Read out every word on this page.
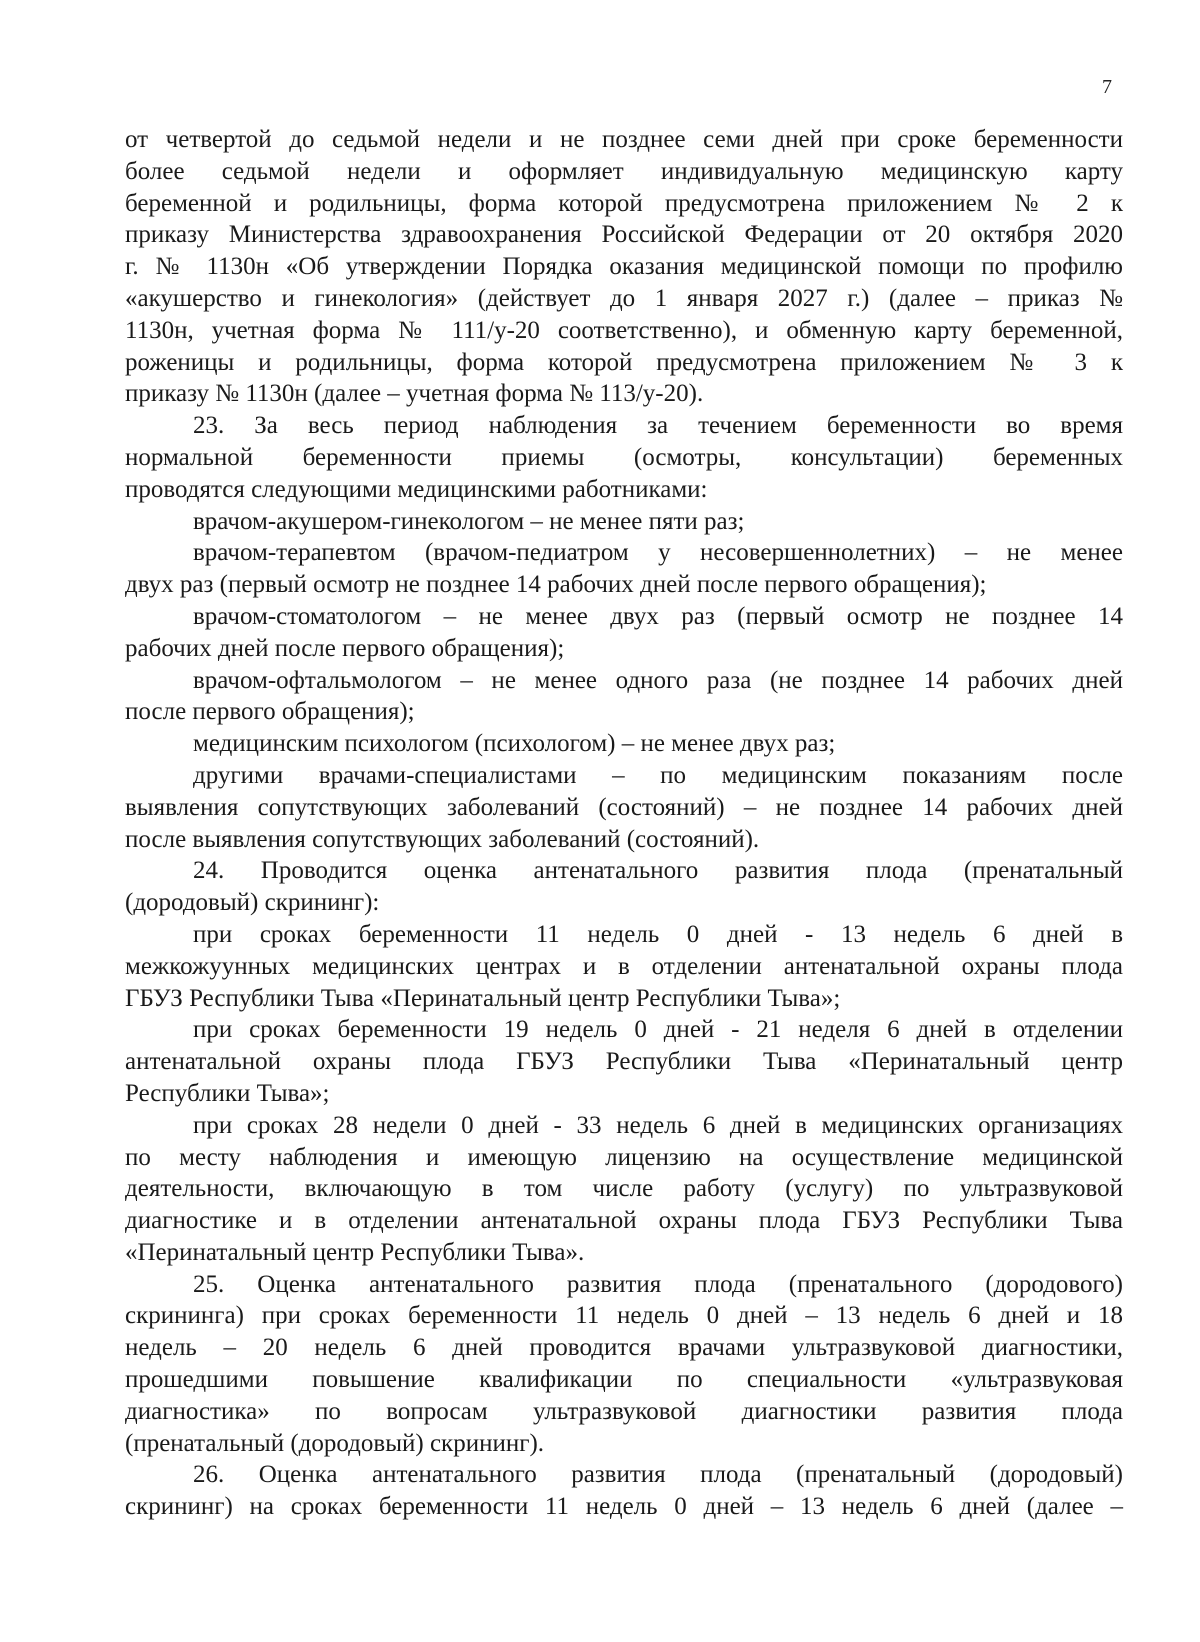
7

от четвертой до седьмой недели и не позднее семи дней при сроке беременности

более седьмой недели и оформляет индивидуальную медицинскую карту

беременной и родильницы, форма которой предусмотрена приложением № 2 к

приказу Министерства здравоохранения Российской Федерации от 20 октября 2020

г. № 1130н «Об утверждении Порядка оказания медицинской помощи по профилю

«акушерство и гинекология» (действует до 1 января 2027 г.) (далее – приказ №

1130н, учетная форма № 111/у-20 соответственно), и обменную карту беременной,

роженицы и родильницы, форма которой предусмотрена приложением № 3 к

приказу № 1130н (далее – учетная форма № 113/у-20).

23. За весь период наблюдения за течением беременности во время

нормальной беременности приемы (осмотры, консультации) беременных

проводятся следующими медицинскими работниками:

врачом-акушером-гинекологом – не менее пяти раз;

врачом-терапевтом (врачом-педиатром у несовершеннолетних) – не менее

двух раз (первый осмотр не позднее 14 рабочих дней после первого обращения);

врачом-стоматологом – не менее двух раз (первый осмотр не позднее 14

рабочих дней после первого обращения);

врачом-офтальмологом – не менее одного раза (не позднее 14 рабочих дней

после первого обращения);

медицинским психологом (психологом) – не менее двух раз;

другими врачами-специалистами – по медицинским показаниям после

выявления сопутствующих заболеваний (состояний) – не позднее 14 рабочих дней

после выявления сопутствующих заболеваний (состояний).

24. Проводится оценка антенатального развития плода (пренатальный

(дородовый) скрининг):

при сроках беременности 11 недель 0 дней - 13 недель 6 дней в

межкожуунных медицинских центрах и в отделении антенатальной охраны плода

ГБУЗ Республики Тыва «Перинатальный центр Республики Тыва»;

при сроках беременности 19 недель 0 дней - 21 неделя 6 дней в отделении

антенатальной охраны плода ГБУЗ Республики Тыва «Перинатальный центр

Республики Тыва»;

при сроках 28 недели 0 дней - 33 недель 6 дней в медицинских организациях

по месту наблюдения и имеющую лицензию на осуществление медицинской

деятельности, включающую в том числе работу (услугу) по ультразвуковой

диагностике и в отделении антенатальной охраны плода ГБУЗ Республики Тыва

«Перинатальный центр Республики Тыва».

25. Оценка антенатального развития плода (пренатального (дородового)

скрининга) при сроках беременности 11 недель 0 дней – 13 недель 6 дней и 18

недель – 20 недель 6 дней проводится врачами ультразвуковой диагностики,

прошедшими повышение квалификации по специальности «ультразвуковая

диагностика» по вопросам ультразвуковой диагностики развития плода

(пренатальный (дородовый) скрининг).

26. Оценка антенатального развития плода (пренатальный (дородовый)

скрининг) на сроках беременности 11 недель 0 дней – 13 недель 6 дней (далее –
